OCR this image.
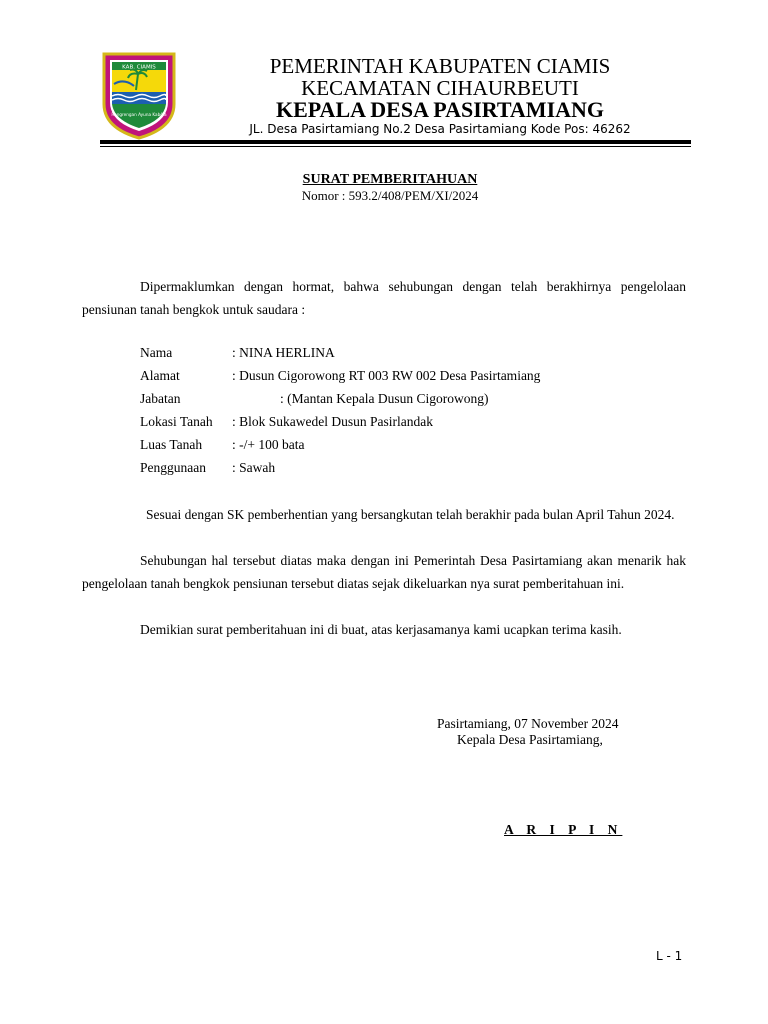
KAB. CIAMIS
Rengrengan Ayuna Kabéla
PEMERINTAH KABUPATEN CIAMIS
KECAMATAN CIHAURBEUTI
KEPALA DESA PASIRTAMIANG
JL. Desa Pasirtamiang No.2 Desa Pasirtamiang Kode Pos: 46262
SURAT PEMBERITAHUAN
Nomor : 593.2/408/PEM/XI/2024
Dipermaklumkan dengan hormat, bahwa sehubungan dengan telah berakhirnya pengelolaan pensiunan tanah bengkok untuk saudara :
Nama	: NINA HERLINA
Alamat	: Dusun Cigorowong RT 003 RW 002 Desa Pasirtamiang
Jabatan	: (Mantan Kepala Dusun Cigorowong)
Lokasi Tanah : Blok Sukawedel Dusun Pasirlandak
Luas Tanah : -/+ 100 bata
Penggunaan : Sawah
Sesuai dengan SK pemberhentian yang bersangkutan telah berakhir pada bulan April Tahun 2024.
Sehubungan hal tersebut diatas maka dengan ini Pemerintah Desa Pasirtamiang akan menarik hak pengelolaan tanah bengkok pensiunan tersebut diatas sejak dikeluarkan nya surat pemberitahuan ini.
Demikian surat pemberitahuan ini di buat, atas kerjasamanya kami ucapkan terima kasih.
Pasirtamiang, 07 November 2024
Kepala Desa Pasirtamiang,
A R I P I N
L - 1
